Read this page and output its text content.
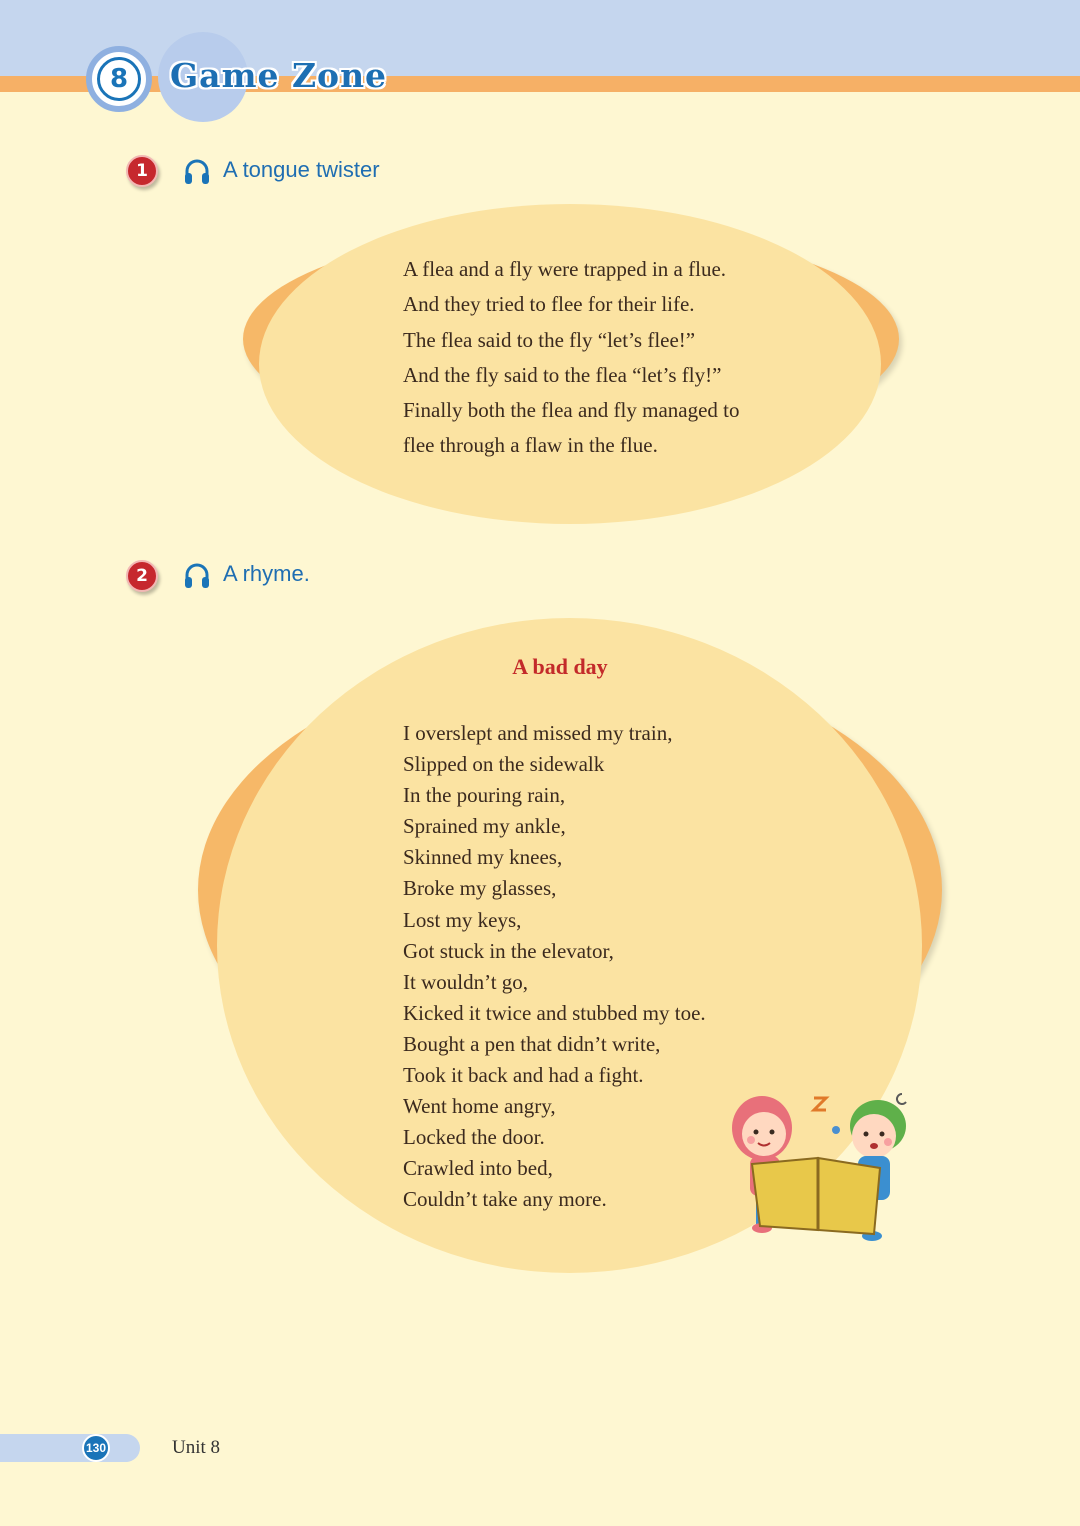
8	Game Zone
1	A tongue twister
A flea and a fly were trapped in a flue.
And they tried to flee for their life.
The flea said to the fly “let’s flee!”
And the fly said to the flea “let’s fly!”
Finally both the flea and fly managed to
flee through a flaw in the flue.
2	A rhyme.
A bad day
I overslept and missed my train,
Slipped on the sidewalk
In the pouring rain,
Sprained my ankle,
Skinned my knees,
Broke my glasses,
Lost my keys,
Got stuck in the elevator,
It wouldn’t go,
Kicked it twice and stubbed my toe.
Bought a pen that didn’t write,
Took it back and had a fight.
Went home angry,
Locked the door.
Crawled into bed,
Couldn’t take any more.
130	Unit 8
